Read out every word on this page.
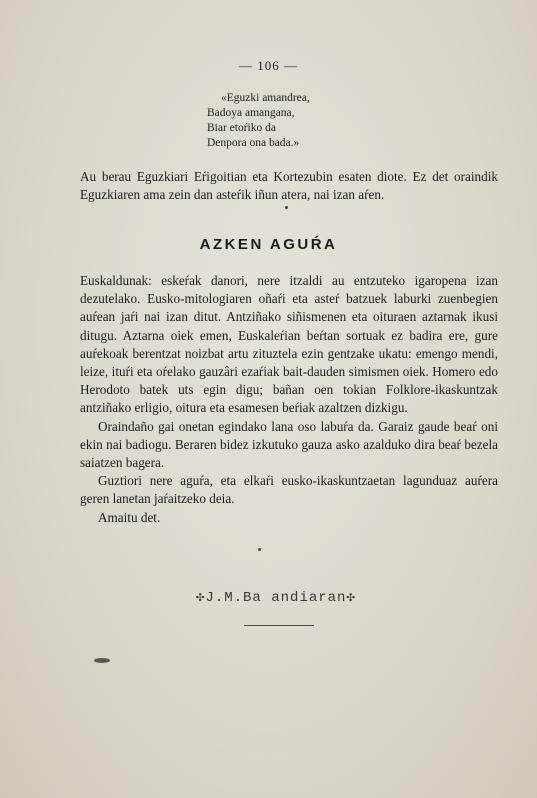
— 106 —
«Eguzki amandrea,
Badoya amangana,
Biar etoŕiko da
Denpora ona bada.»

Au berau Eguzkiari Eŕigoitian eta Kortezubin esaten diote. Ez det oraindik Eguzkiaren ama zein dan asteŕik iñun atera, nai izan aŕen.

AZKEN AGUŔA

Euskaldunak: eskeŕak danori, nere itzaldi au entzuteko igaropena izan dezutelako. Eusko-mitologiaren oñaŕi eta asteŕ batzuek laburki zuenbegien auŕean jaŕi nai izan ditut. Antziñako siñismenen eta oituraen aztarnak ikusi ditugu. Aztarna oiek emen, Euskaleŕian beŕtan sortuak ez badira ere, gure auŕekoak berentzat noizbat artu zituztela ezin gentzake ukatu: emengo mendi, leize, ituŕi eta oŕelako gauzâri ezaŕiak bait-dauden simismen oiek. Homero edo Herodoto batek uts egin digu; bañan oen tokian Folklore-ikaskuntzak antziñako erligio, oitura eta esamesen beŕiak azaltzen dizkigu.

Oraindaño gai onetan egindako lana oso labuŕa da. Garaiz gaude beaŕ oni ekin nai badiogu. Beraren bidez izkutuko gauza asko azalduko dira beaŕ bezela saiatzen bagera.

Guztiori nere aguŕa, eta elkaŕi eusko-ikaskuntzaetan lagunduaz auŕera geren lanetan jaŕaitzeko deia.

Amaitu det.

✣J.M.Ba andiaran✣
